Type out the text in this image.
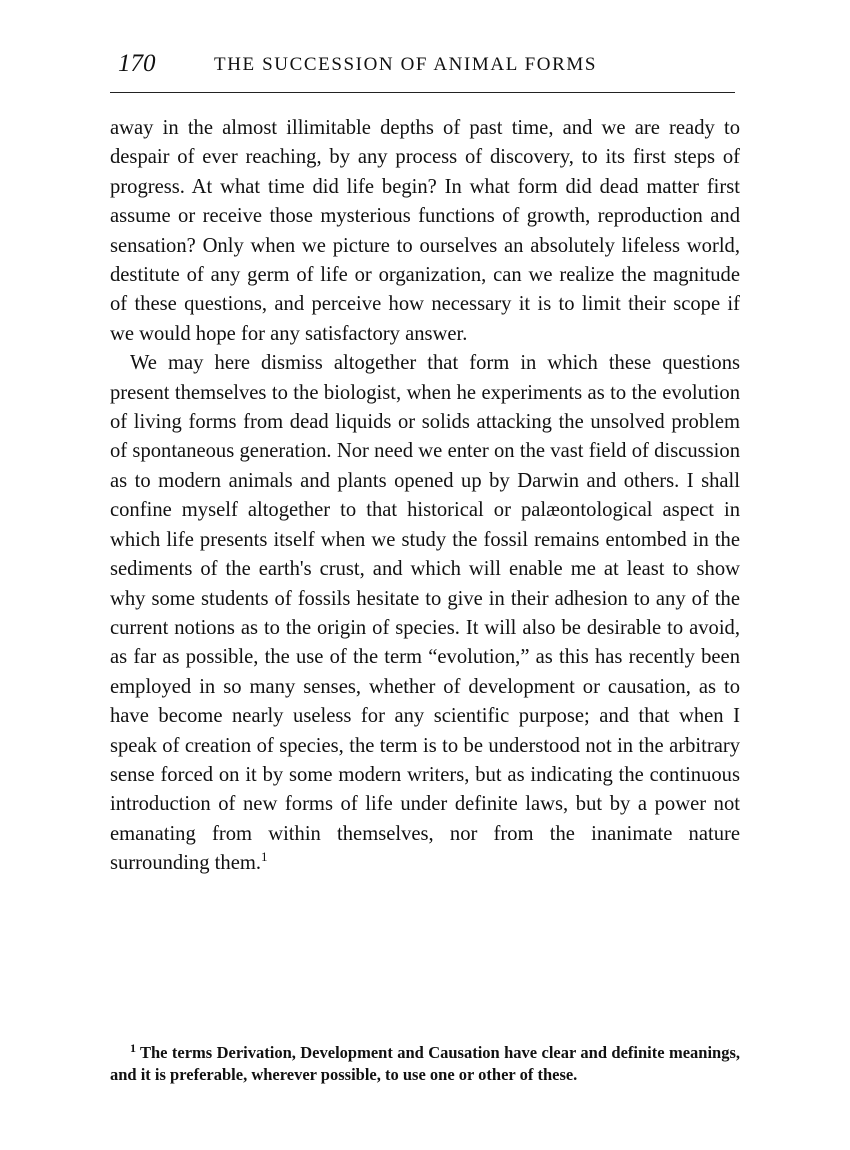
170	THE SUCCESSION OF ANIMAL FORMS

away in the almost illimitable depths of past time, and we are ready to despair of ever reaching, by any process of discovery, to its first steps of progress. At what time did life begin? In what form did dead matter first assume or receive those mysterious functions of growth, reproduction and sensation? Only when we picture to ourselves an absolutely lifeless world, destitute of any germ of life or organization, can we realize the magnitude of these questions, and perceive how necessary it is to limit their scope if we would hope for any satisfactory answer.

We may here dismiss altogether that form in which these questions present themselves to the biologist, when he experiments as to the evolution of living forms from dead liquids or solids attacking the unsolved problem of spontaneous generation. Nor need we enter on the vast field of discussion as to modern animals and plants opened up by Darwin and others. I shall confine myself altogether to that historical or palæontological aspect in which life presents itself when we study the fossil remains entombed in the sediments of the earth's crust, and which will enable me at least to show why some students of fossils hesitate to give in their adhesion to any of the current notions as to the origin of species. It will also be desirable to avoid, as far as possible, the use of the term “evolution,” as this has recently been employed in so many senses, whether of development or causation, as to have become nearly useless for any scientific purpose; and that when I speak of creation of species, the term is to be understood not in the arbitrary sense forced on it by some modern writers, but as indicating the continuous introduction of new forms of life under definite laws, but by a power not emanating from within themselves, nor from the inanimate nature surrounding them.$^1$

$^1$ The terms Derivation, Development and Causation have clear and definite meanings, and it is preferable, wherever possible, to use one or other of these.
